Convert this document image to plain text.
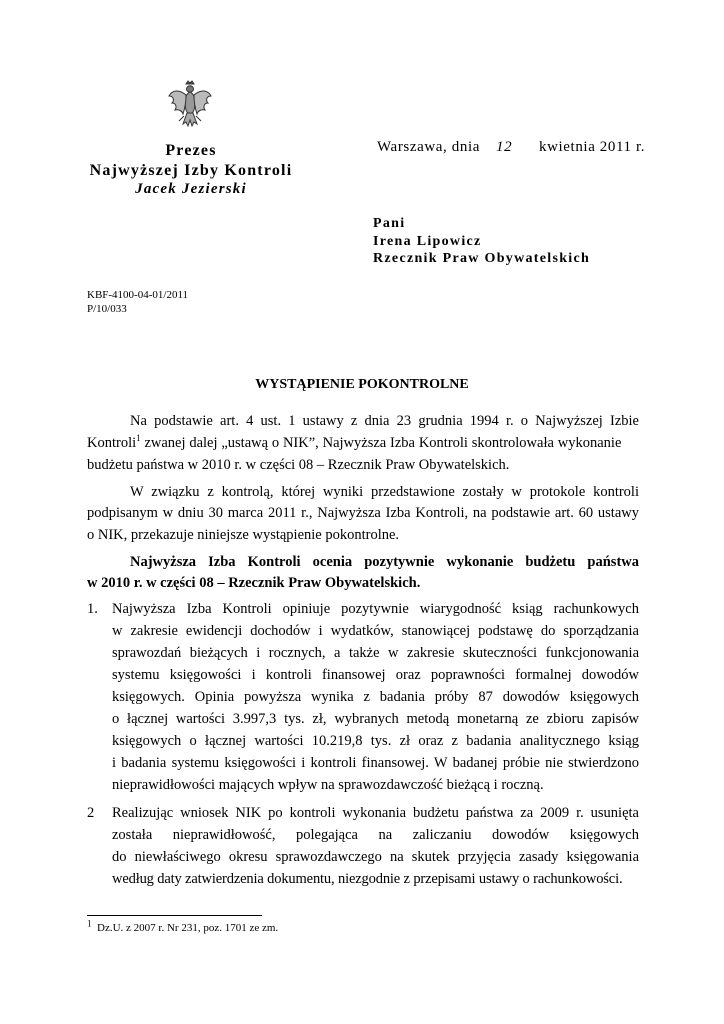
Prezes
Najwyższej Izby Kontroli
Jacek Jezierski
Warszawa, dnia 12 kwietnia 2011 r.
Pani
Irena Lipowicz
Rzecznik Praw Obywatelskich
KBF-4100-04-01/2011
P/10/033
WYSTĄPIENIE POKONTROLNE
Na podstawie art. 4 ust. 1 ustawy z dnia 23 grudnia 1994 r. o Najwyższej Izbie
Kontroli$^1$ zwanej dalej „ustawą o NIK”, Najwyższa Izba Kontroli skontrolowała wykonanie
budżetu państwa w 2010 r. w części 08 – Rzecznik Praw Obywatelskich.
W związku z kontrolą, której wyniki przedstawione zostały w protokole kontroli
podpisanym w dniu 30 marca 2011 r., Najwyższa Izba Kontroli, na podstawie art. 60 ustawy
o NIK, przekazuje niniejsze wystąpienie pokontrolne.
Najwyższa Izba Kontroli ocenia pozytywnie wykonanie budżetu państwa
w 2010 r. w części 08 – Rzecznik Praw Obywatelskich.
1. Najwyższa Izba Kontroli opiniuje pozytywnie wiarygodność ksiąg rachunkowych
w zakresie ewidencji dochodów i wydatków, stanowiącej podstawę do sporządzania
sprawozdań bieżących i rocznych, a także w zakresie skuteczności funkcjonowania
systemu księgowości i kontroli finansowej oraz poprawności formalnej dowodów
księgowych. Opinia powyższa wynika z badania próby 87 dowodów księgowych
o łącznej wartości 3.997,3 tys. zł, wybranych metodą monetarną ze zbioru zapisów
księgowych o łącznej wartości 10.219,8 tys. zł oraz z badania analitycznego ksiąg
i badania systemu księgowości i kontroli finansowej. W badanej próbie nie stwierdzono
nieprawidłowości mających wpływ na sprawozdawczość bieżącą i roczną.
2 Realizując wniosek NIK po kontroli wykonania budżetu państwa za 2009 r. usunięta
została nieprawidłowość, polegająca na zaliczaniu dowodów księgowych
do niewłaściwego okresu sprawozdawczego na skutek przyjęcia zasady księgowania
według daty zatwierdzenia dokumentu, niezgodnie z przepisami ustawy o rachunkowości.
$^1$ Dz.U. z 2007 r. Nr 231, poz. 1701 ze zm.
